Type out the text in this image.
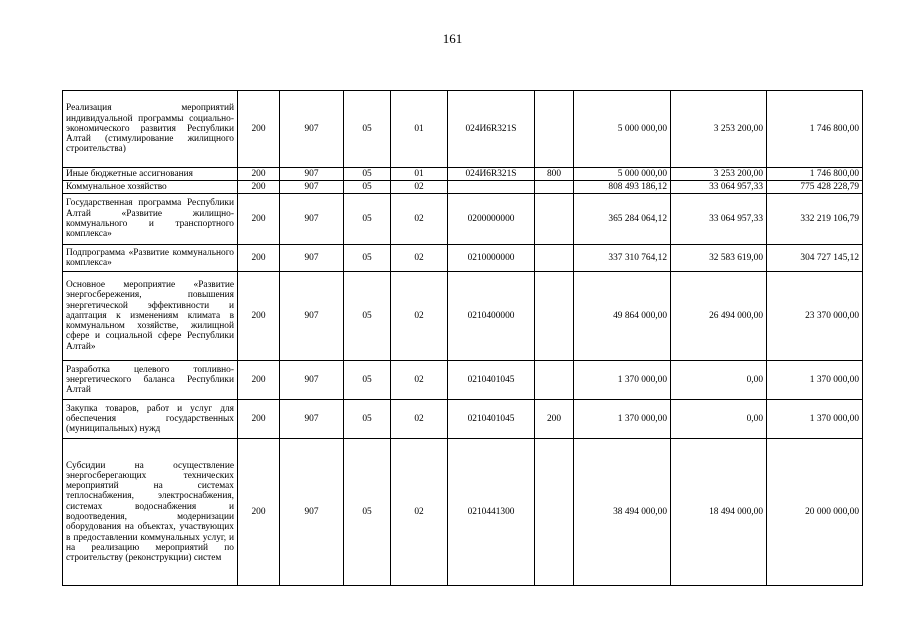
161
Реализация мероприятий индивидуальной программы социально-экономического развития Республики Алтай (стимулирование жилищного строительства)	200	907	05	01	024И6R321S		5 000 000,00	3 253 200,00	1 746 800,00
Иные бюджетные ассигнования	200	907	05	01	024И6R321S	800	5 000 000,00	3 253 200,00	1 746 800,00
Коммунальное хозяйство	200	907	05	02			808 493 186,12	33 064 957,33	775 428 228,79
Государственная программа Республики Алтай «Развитие жилищно-коммунального и транспортного комплекса»	200	907	05	02	0200000000		365 284 064,12	33 064 957,33	332 219 106,79
Подпрограмма «Развитие коммунального комплекса»	200	907	05	02	0210000000		337 310 764,12	32 583 619,00	304 727 145,12
Основное мероприятие «Развитие энергосбережения, повышения энергетической эффективности и адаптация к изменениям климата в коммунальном хозяйстве, жилищной сфере и социальной сфере Республики Алтай»	200	907	05	02	0210400000		49 864 000,00	26 494 000,00	23 370 000,00
Разработка целевого топливно-энергетического баланса Республики Алтай	200	907	05	02	0210401045		1 370 000,00	0,00	1 370 000,00
Закупка товаров, работ и услуг для обеспечения государственных (муниципальных) нужд	200	907	05	02	0210401045	200	1 370 000,00	0,00	1 370 000,00
Субсидии на осуществление энергосберегающих технических мероприятий на системах теплоснабжения, электроснабжения, системах водоснабжения и водоотведения, модернизации оборудования на объектах, участвующих в предоставлении коммунальных услуг, и на реализацию мероприятий по строительству (реконструкции) систем	200	907	05	02	0210441300		38 494 000,00	18 494 000,00	20 000 000,00
